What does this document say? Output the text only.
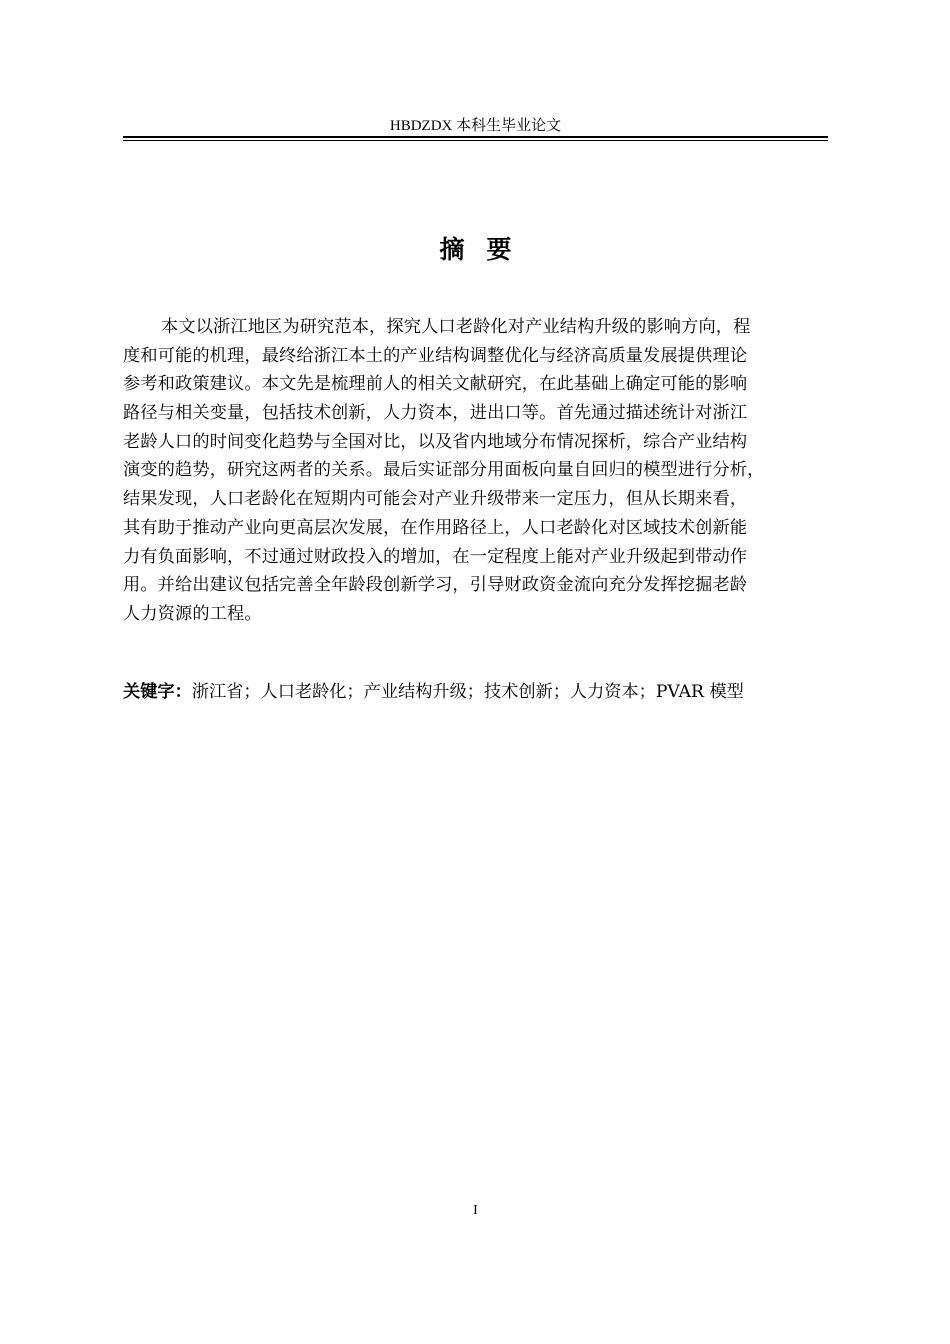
HBDZDX 本科生毕业论文
摘 要
本文以浙江地区为研究范本，探究人口老龄化对产业结构升级的影响方向，程
度和可能的机理，最终给浙江本土的产业结构调整优化与经济高质量发展提供理论
参考和政策建议。本文先是梳理前人的相关文献研究，在此基础上确定可能的影响
路径与相关变量，包括技术创新，人力资本，进出口等。首先通过描述统计对浙江
老龄人口的时间变化趋势与全国对比，以及省内地域分布情况探析，综合产业结构
演变的趋势，研究这两者的关系。最后实证部分用面板向量自回归的模型进行分析，
结果发现，人口老龄化在短期内可能会对产业升级带来一定压力，但从长期来看，
其有助于推动产业向更高层次发展，在作用路径上，人口老龄化对区域技术创新能
力有负面影响，不过通过财政投入的增加，在一定程度上能对产业升级起到带动作
用。并给出建议包括完善全年龄段创新学习，引导财政资金流向充分发挥挖掘老龄
人力资源的工程。
关键字：浙江省；人口老龄化；产业结构升级；技术创新；人力资本；PVAR 模型
I
